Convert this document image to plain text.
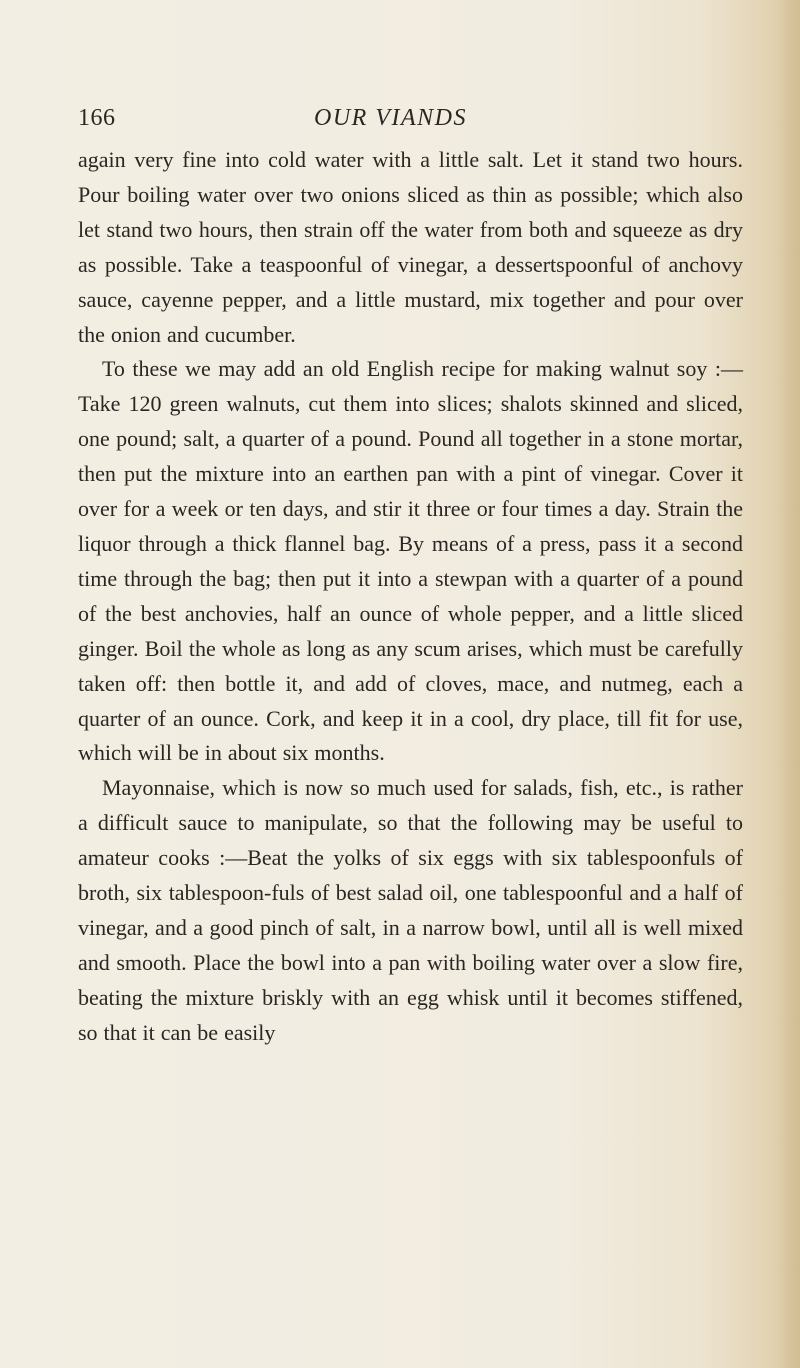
166	OUR VIANDS

again very fine into cold water with a little salt. Let it stand two hours. Pour boiling water over two onions sliced as thin as possible; which also let stand two hours, then strain off the water from both and squeeze as dry as possible. Take a teaspoonful of vinegar, a dessertspoonful of anchovy sauce, cayenne pepper, and a little mustard, mix together and pour over the onion and cucumber.

To these we may add an old English recipe for making walnut soy :—Take 120 green walnuts, cut them into slices; shalots skinned and sliced, one pound; salt, a quarter of a pound. Pound all together in a stone mortar, then put the mixture into an earthen pan with a pint of vinegar. Cover it over for a week or ten days, and stir it three or four times a day. Strain the liquor through a thick flannel bag. By means of a press, pass it a second time through the bag; then put it into a stewpan with a quarter of a pound of the best anchovies, half an ounce of whole pepper, and a little sliced ginger. Boil the whole as long as any scum arises, which must be carefully taken off: then bottle it, and add of cloves, mace, and nutmeg, each a quarter of an ounce. Cork, and keep it in a cool, dry place, till fit for use, which will be in about six months.

Mayonnaise, which is now so much used for salads, fish, etc., is rather a difficult sauce to manipulate, so that the following may be useful to amateur cooks :—Beat the yolks of six eggs with six tablespoonfuls of broth, six tablespoon-fuls of best salad oil, one tablespoonful and a half of vinegar, and a good pinch of salt, in a narrow bowl, until all is well mixed and smooth. Place the bowl into a pan with boiling water over a slow fire, beating the mixture briskly with an egg whisk until it becomes stiffened, so that it can be easily
